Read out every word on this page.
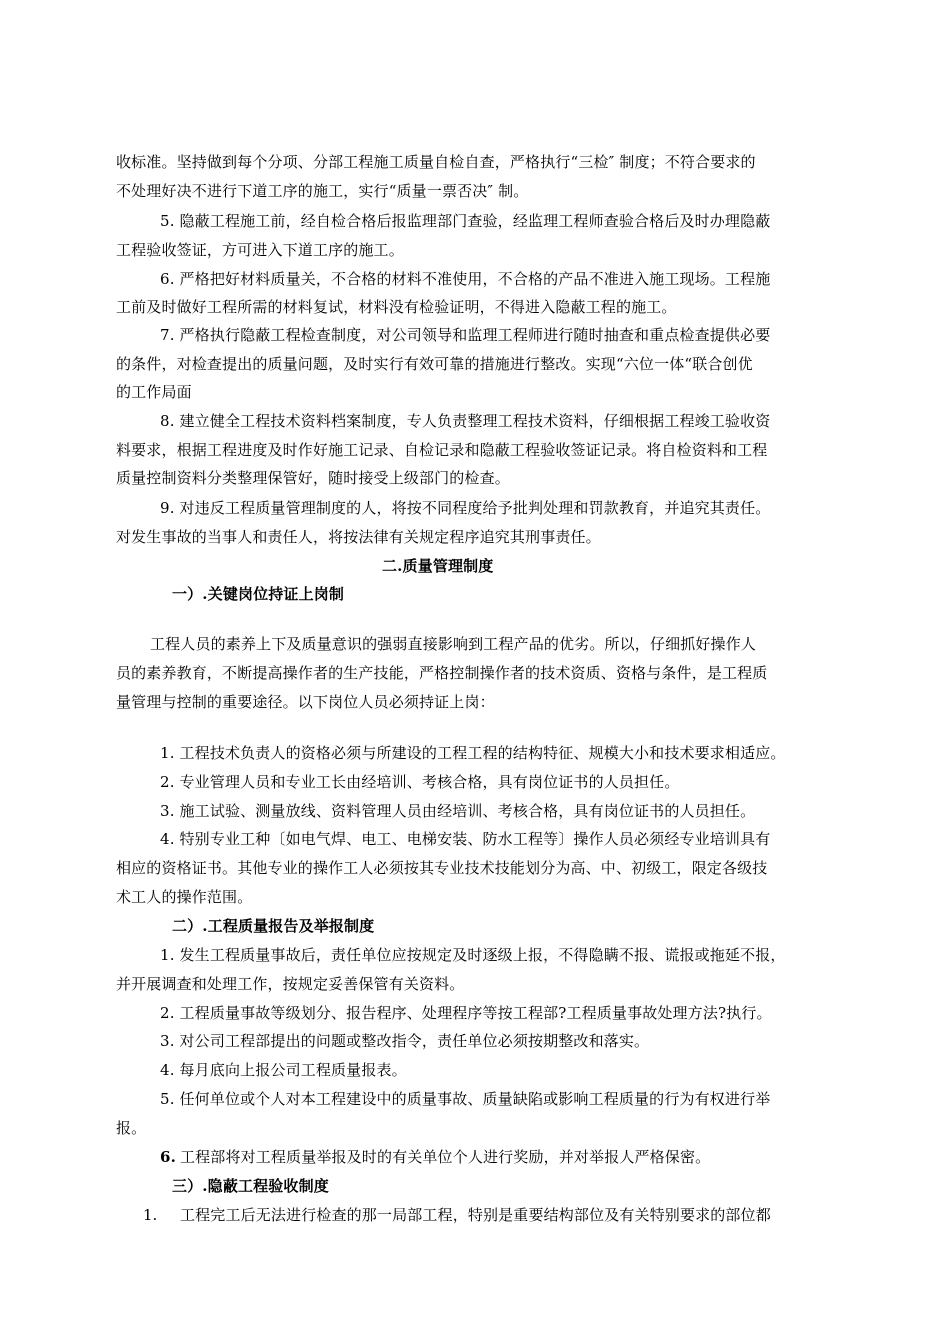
收标准。坚持做到每个分项、分部工程施工质量自检自查，严格执行“三检″ 制度；不符合要求的
不处理好决不进行下道工序的施工，实行“质量一票否决″ 制。
5. 隐蔽工程施工前，经自检合格后报监理部门查验，经监理工程师查验合格后及时办理隐蔽
工程验收签证，方可进入下道工序的施工。
6. 严格把好材料质量关，不合格的材料不准使用，不合格的产品不准进入施工现场。工程施
工前及时做好工程所需的材料复试，材料没有检验证明，不得进入隐蔽工程的施工。
7. 严格执行隐蔽工程检查制度，对公司领导和监理工程师进行随时抽查和重点检查提供必要
的条件，对检查提出的质量问题，及时实行有效可靠的措施进行整改。实现“六位一体“联合创优
的工作局面
8. 建立健全工程技术资料档案制度，专人负责整理工程技术资料，仔细根据工程竣工验收资
料要求，根据工程进度及时作好施工记录、自检记录和隐蔽工程验收签证记录。将自检资料和工程
质量控制资料分类整理保管好，随时接受上级部门的检查。
9. 对违反工程质量管理制度的人，将按不同程度给予批判处理和罚款教育，并追究其责任。
对发生事故的当事人和责任人，将按法律有关规定程序追究其刑事责任。
二.质量管理制度
一）.关键岗位持证上岗制
工程人员的素养上下及质量意识的强弱直接影响到工程产品的优劣。所以，仔细抓好操作人
员的素养教育，不断提高操作者的生产技能，严格控制操作者的技术资质、资格与条件，是工程质
量管理与控制的重要途径。以下岗位人员必须持证上岗：
1. 工程技术负责人的资格必须与所建设的工程工程的结构特征、规模大小和技术要求相适应。
2. 专业管理人员和专业工长由经培训、考核合格，具有岗位证书的人员担任。
3. 施工试验、测量放线、资料管理人员由经培训、考核合格，具有岗位证书的人员担任。
4. 特别专业工种〔如电气焊、电工、电梯安装、防水工程等〕操作人员必须经专业培训具有
相应的资格证书。其他专业的操作工人必须按其专业技术技能划分为高、中、初级工，限定各级技
术工人的操作范围。
二）.工程质量报告及举报制度
1. 发生工程质量事故后，责任单位应按规定及时逐级上报，不得隐瞒不报、谎报或拖延不报，
并开展调查和处理工作，按规定妥善保管有关资料。
2. 工程质量事故等级划分、报告程序、处理程序等按工程部?工程质量事故处理方法?执行。
3. 对公司工程部提出的问题或整改指令，责任单位必须按期整改和落实。
4. 每月底向上报公司工程质量报表。
5. 任何单位或个人对本工程建设中的质量事故、质量缺陷或影响工程质量的行为有权进行举
报。
6. 工程部将对工程质量举报及时的有关单位个人进行奖励，并对举报人严格保密。
三）.隐蔽工程验收制度
1. 工程完工后无法进行检查的那一局部工程，特别是重要结构部位及有关特别要求的部位都
